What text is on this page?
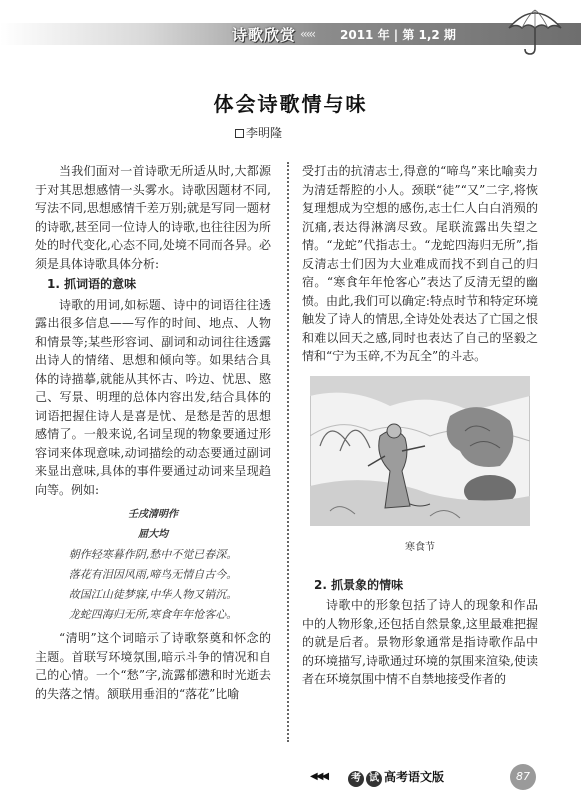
诗歌欣赏 ‹‹‹‹‹ 2011 年 | 第 1,2 期
体会诗歌情与味
李明隆

当我们面对一首诗歌无所适从时,大都源于对其思想感情一头雾水。诗歌因题材不同,写法不同,思想感情千差万别;就是写同一题材的诗歌,甚至同一位诗人的诗歌,也往往因为所处的时代变化,心态不同,处境不同而各异。必须是具体诗歌具体分析:

1. 抓词语的意味

诗歌的用词,如标题、诗中的词语往往透露出很多信息——写作的时间、地点、人物和情景等;某些形容词、副词和动词往往透露出诗人的情绪、思想和倾向等。如果结合具体的诗描摹,就能从其怀古、吟边、忧思、愍己、写景、明理的总体内容出发,结合具体的词语把握住诗人是喜是忧、是愁是苦的思想感情了。一般来说,名词呈现的物象要通过形容词来体现意味,动词描绘的动态要通过副词来显出意味,具体的事件要通过动词来呈现趋向等。例如:

壬戌清明作
屈大均
朝作轻寒暮作阴,愁中不觉已春深。
落花有泪因风雨,啼鸟无情自古今。
故国江山徒梦寐,中华人物又销沉。
龙蛇四海归无所,寒食年年怆客心。

“清明”这个词暗示了诗歌祭奠和怀念的主题。首联写环境氛围,暗示斗争的情况和自己的心情。一个“愁”字,流露郁懑和时光逝去的失落之情。颔联用垂泪的“落花”比喻

受打击的抗清志士,得意的“啼鸟”来比喻卖力为清廷帮腔的小人。颈联“徒”“又”二字,将恢复理想成为空想的感伤,志士仁人白白消殒的沉痛,表达得淋漓尽致。尾联流露出失望之情。“龙蛇”代指志士。“龙蛇四海归无所”,指反清志士们因为大业难成而找不到自己的归宿。“寒食年年怆客心”表达了反清无望的幽愤。由此,我们可以确定:特点时节和特定环境触发了诗人的情思,全诗处处表达了亡国之恨和难以回天之感,同时也表达了自己的坚毅之情和“宁为玉碎,不为瓦全”的斗志。

寒食节

2. 抓景象的情味

诗歌中的形象包括了诗人的现象和作品中的人物形象,还包括自然景象,这里最难把握的就是后者。景物形象通常是指诗歌作品中的环境描写,诗歌通过环境的氛围来渲染,使读者在环境氛围中情不自禁地接受作者的

◀◀◀	考 试 高考语文版	87
